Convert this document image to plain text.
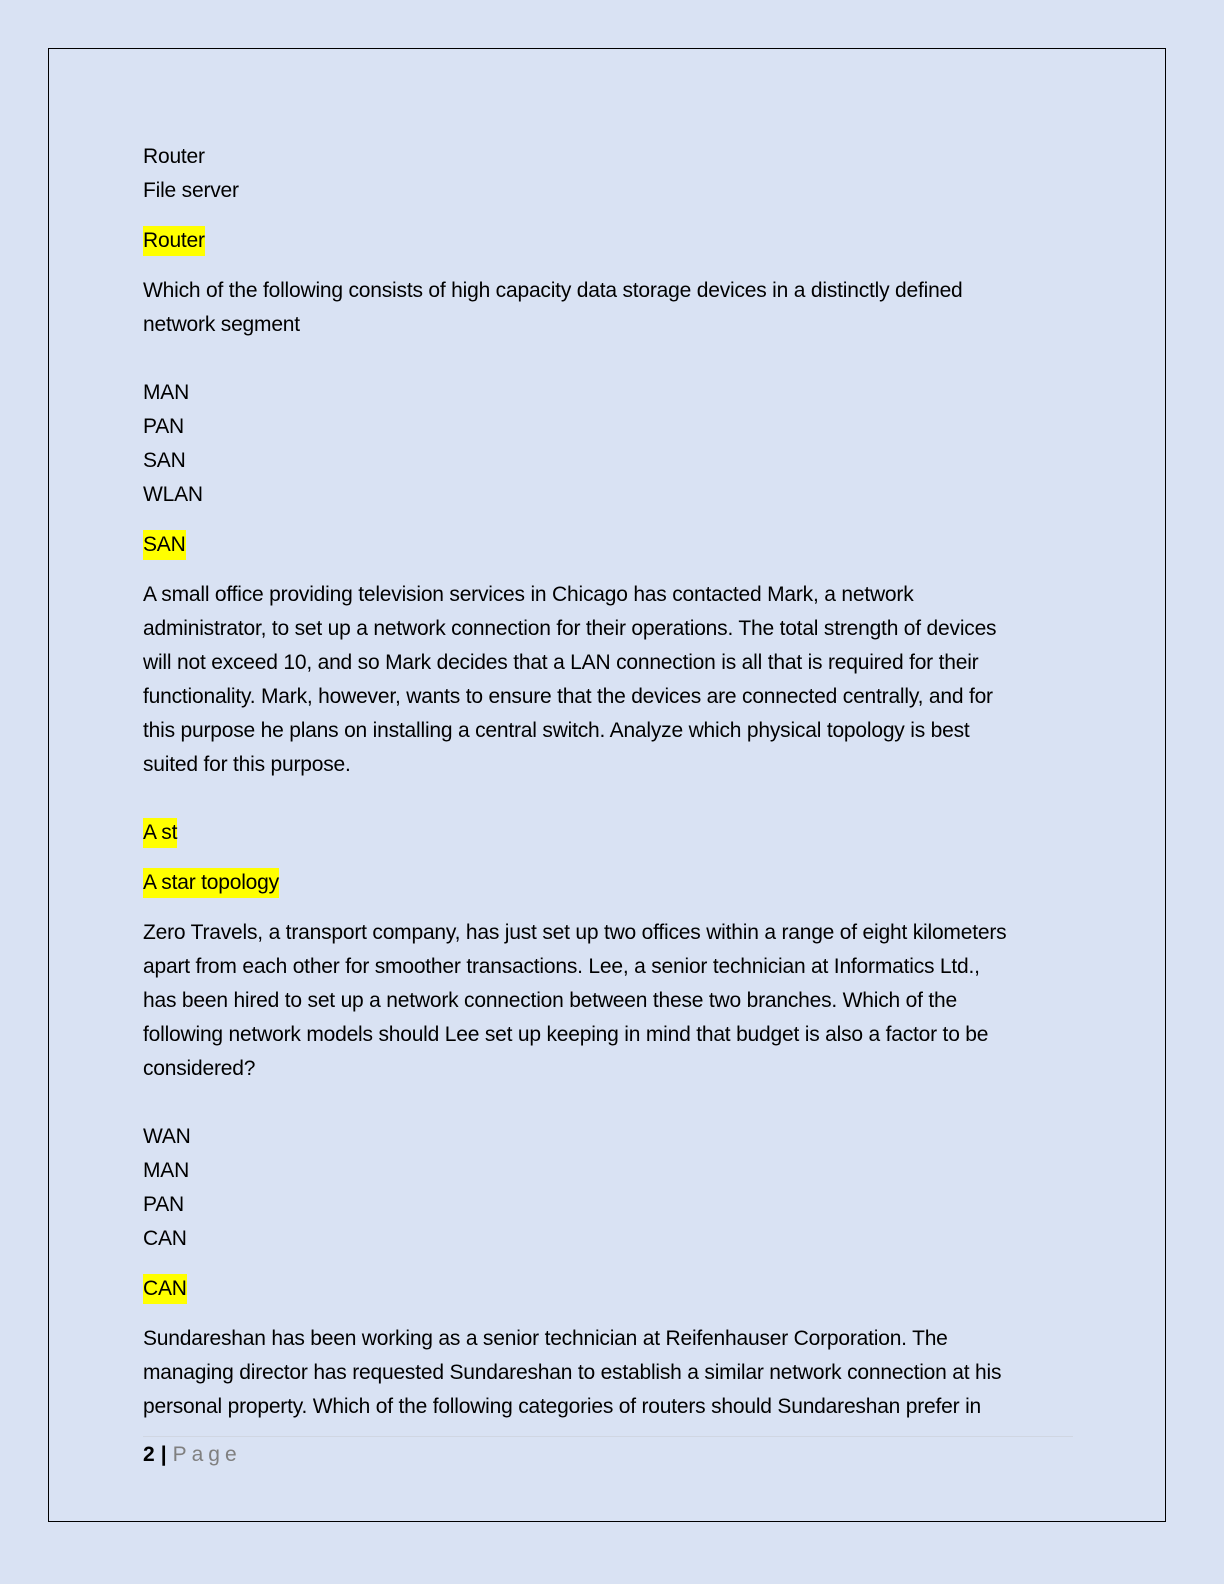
Router
File server
Router
Which of the following consists of high capacity data storage devices in a distinctly defined
network segment
MAN
PAN
SAN
WLAN
SAN
A small office providing television services in Chicago has contacted Mark, a network
administrator, to set up a network connection for their operations. The total strength of devices
will not exceed 10, and so Mark decides that a LAN connection is all that is required for their
functionality. Mark, however, wants to ensure that the devices are connected centrally, and for
this purpose he plans on installing a central switch. Analyze which physical topology is best
suited for this purpose.
A st
A star topology
Zero Travels, a transport company, has just set up two offices within a range of eight kilometers
apart from each other for smoother transactions. Lee, a senior technician at Informatics Ltd.,
has been hired to set up a network connection between these two branches. Which of the
following network models should Lee set up keeping in mind that budget is also a factor to be
considered?
WAN
MAN
PAN
CAN
CAN
Sundareshan has been working as a senior technician at Reifenhauser Corporation. The
managing director has requested Sundareshan to establish a similar network connection at his
personal property. Which of the following categories of routers should Sundareshan prefer in
2 | Page
